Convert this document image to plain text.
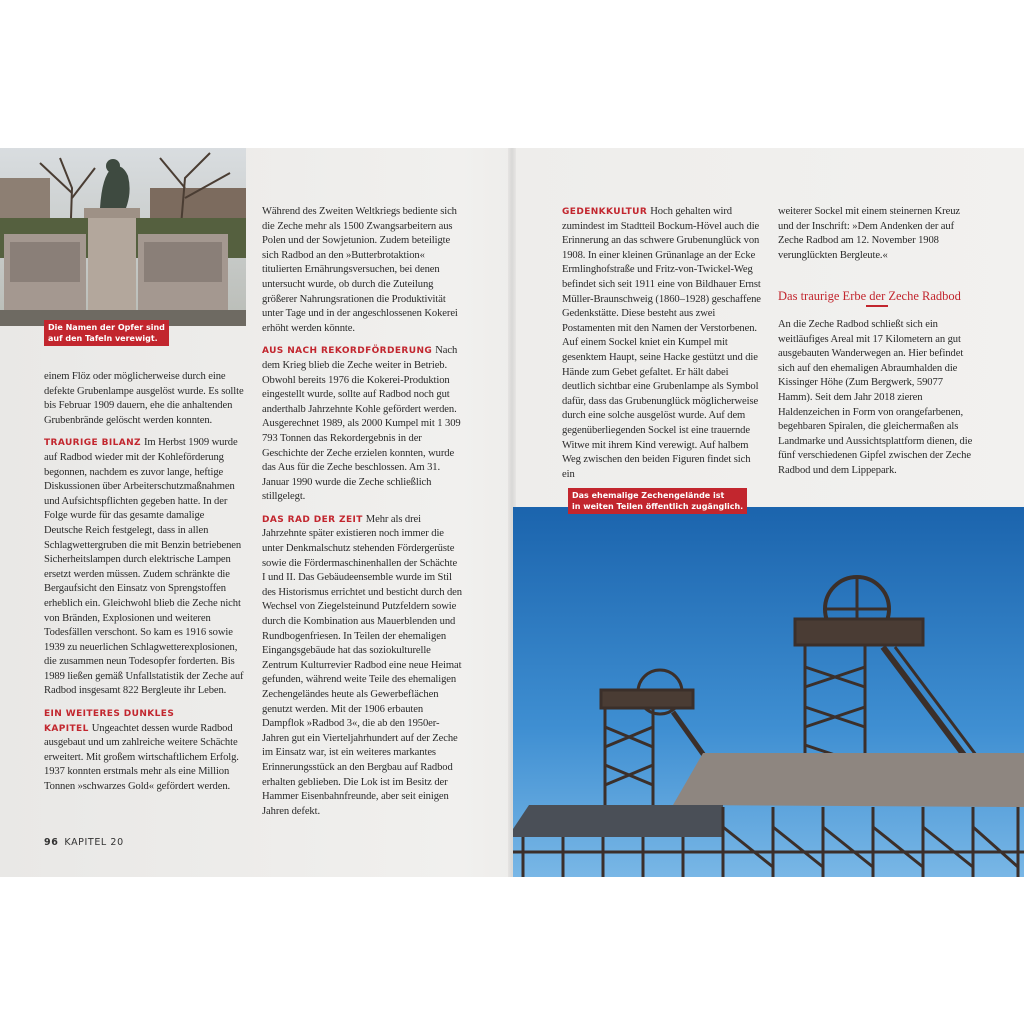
Die Namen der Opfer sind
auf den Tafeln verewigt.

einem Flöz oder möglicherweise durch eine defekte Grubenlampe ausgelöst wurde. Es sollte bis Februar 1909 dauern, ehe die anhaltenden Grubenbrände gelöscht werden konnten.

TRAURIGE BILANZ Im Herbst 1909 wurde auf Radbod wieder mit der Kohleförderung begonnen, nachdem es zuvor lange, heftige Diskussionen über Arbeiterschutzmaßnahmen und Aufsichtspflichten gegeben hatte. In der Folge wurde für das gesamte damalige Deutsche Reich festgelegt, dass in allen Schlagwettergruben die mit Benzin betriebenen Sicherheitslampen durch elektrische Lampen ersetzt werden müssen. Zudem schränkte die Bergaufsicht den Einsatz von Sprengstoffen erheblich ein. Gleichwohl blieb die Zeche nicht von Bränden, Explosionen und weiteren Todesfällen verschont. So kam es 1916 sowie 1939 zu neuerlichen Schlagwetterexplosionen, die zusammen neun Todesopfer forderten. Bis 1989 ließen gemäß Unfallstatistik der Zeche auf Radbod insgesamt 822 Bergleute ihr Leben.

EIN WEITERES DUNKLES KAPITEL Ungeachtet dessen wurde Radbod ausgebaut und um zahlreiche weitere Schächte erweitert. Mit großem wirtschaftlichem Erfolg. 1937 konnten erstmals mehr als eine Million Tonnen »schwarzes Gold« gefördert werden.

Während des Zweiten Weltkriegs bediente sich die Zeche mehr als 1500 Zwangsarbeitern aus Polen und der Sowjetunion. Zudem beteiligte sich Radbod an den »Butterbrotaktion« titulierten Ernährungsversuchen, bei denen untersucht wurde, ob durch die Zuteilung größerer Nahrungsrationen die Produktivität unter Tage und in der angeschlossenen Kokerei erhöht werden könnte.

AUS NACH REKORDFÖRDERUNG Nach dem Krieg blieb die Zeche weiter in Betrieb. Obwohl bereits 1976 die Kokerei-Produktion eingestellt wurde, sollte auf Radbod noch gut anderthalb Jahrzehnte Kohle gefördert werden. Ausgerechnet 1989, als 2000 Kumpel mit 1 309 793 Tonnen das Rekordergebnis in der Geschichte der Zeche erzielen konnten, wurde das Aus für die Zeche beschlossen. Am 31. Januar 1990 wurde die Zeche schließlich stillgelegt.

DAS RAD DER ZEIT Mehr als drei Jahrzehnte später existieren noch immer die unter Denkmalschutz stehenden Fördergerüste sowie die Fördermaschinenhallen der Schächte I und II. Das Gebäudeensemble wurde im Stil des Historismus errichtet und besticht durch den Wechsel von Ziegelsteinund Putzfeldern sowie durch die Kombination aus Mauerblenden und Rundbogenfriesen. In Teilen der ehemaligen Eingangsgebäude hat das soziokulturelle Zentrum Kulturrevier Radbod eine neue Heimat gefunden, während weite Teile des ehemaligen Zechengeländes heute als Gewerbeflächen genutzt werden. Mit der 1906 erbauten Dampflok »Radbod 3«, die ab den 1950er-Jahren gut ein Vierteljahrhundert auf der Zeche im Einsatz war, ist ein weiteres markantes Erinnerungsstück an den Bergbau auf Radbod erhalten geblieben. Die Lok ist im Besitz der Hammer Eisenbahnfreunde, aber seit einigen Jahren defekt.

GEDENKKULTUR Hoch gehalten wird zumindest im Stadtteil Bockum-Hövel auch die Erinnerung an das schwere Grubenunglück von 1908. In einer kleinen Grünanlage an der Ecke Ermlinghofstraße und Fritz-von-Twickel-Weg befindet sich seit 1911 eine von Bildhauer Ernst Müller-Braunschweig (1860–1928) geschaffene Gedenkstätte. Diese besteht aus zwei Postamenten mit den Namen der Verstorbenen. Auf einem Sockel kniet ein Kumpel mit gesenktem Haupt, seine Hacke gestützt und die Hände zum Gebet gefaltet. Er hält dabei deutlich sichtbar eine Grubenlampe als Symbol dafür, dass das Grubenunglück möglicherweise durch eine solche ausgelöst wurde. Auf dem gegenüberliegenden Sockel ist eine trauernde Witwe mit ihrem Kind verewigt. Auf halbem Weg zwischen den beiden Figuren findet sich ein

weiterer Sockel mit einem steinernen Kreuz und der Inschrift: »Dem Andenken der auf Zeche Radbod am 12. November 1908 verunglückten Bergleute.«

Das traurige Erbe der Zeche Radbod

An die Zeche Radbod schließt sich ein weitläufiges Areal mit 17 Kilometern an gut ausgebauten Wanderwegen an. Hier befindet sich auf den ehemaligen Abraumhalden die Kissinger Höhe (Zum Bergwerk, 59077 Hamm). Seit dem Jahr 2018 zieren Haldenzeichen in Form von orangefarbenen, begehbaren Spiralen, die gleichermaßen als Landmarke und Aussichtsplattform dienen, die fünf verschiedenen Gipfel zwischen der Zeche Radbod und dem Lippepark.

Das ehemalige Zechengelände ist
in weiten Teilen öffentlich zugänglich.
96 KAPITEL 20
